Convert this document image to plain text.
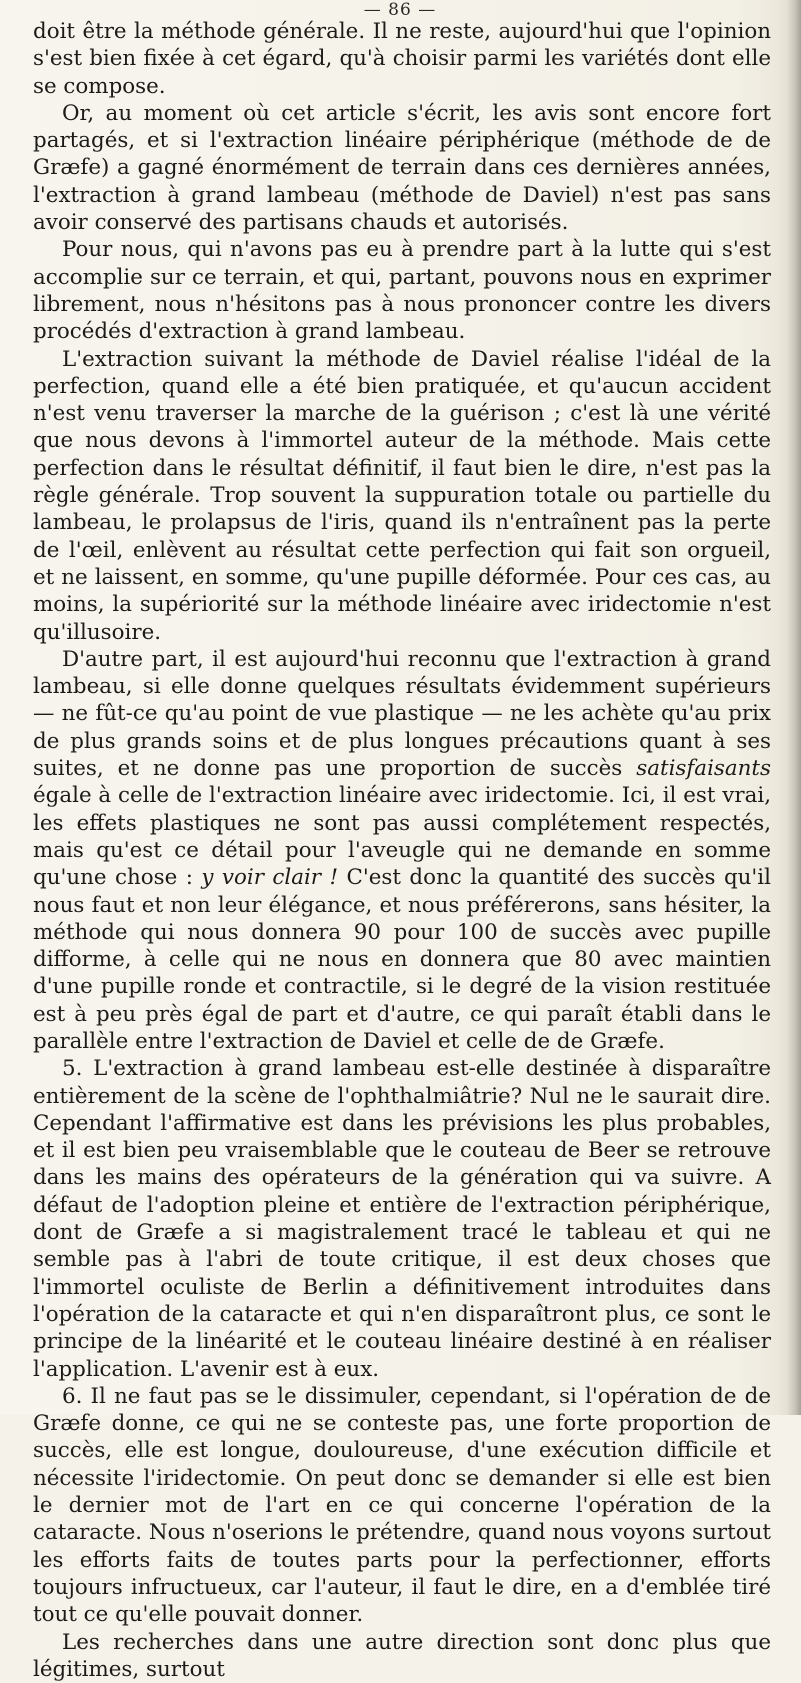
— 86 —

doit être la méthode générale. Il ne reste, aujourd'hui que l'opinion s'est bien fixée à cet égard, qu'à choisir parmi les variétés dont elle se compose.

Or, au moment où cet article s'écrit, les avis sont encore fort partagés, et si l'extraction linéaire périphérique (méthode de de Græfe) a gagné énormément de terrain dans ces dernières années, l'extraction à grand lambeau (méthode de Daviel) n'est pas sans avoir conservé des partisans chauds et autorisés.

Pour nous, qui n'avons pas eu à prendre part à la lutte qui s'est accomplie sur ce terrain, et qui, partant, pouvons nous en exprimer librement, nous n'hésitons pas à nous prononcer contre les divers procédés d'extraction à grand lambeau.

L'extraction suivant la méthode de Daviel réalise l'idéal de la perfection, quand elle a été bien pratiquée, et qu'aucun accident n'est venu traverser la marche de la guérison ; c'est là une vérité que nous devons à l'immortel auteur de la méthode. Mais cette perfection dans le résultat définitif, il faut bien le dire, n'est pas la règle générale. Trop souvent la suppuration totale ou partielle du lambeau, le prolapsus de l'iris, quand ils n'entraînent pas la perte de l'œil, enlèvent au résultat cette perfection qui fait son orgueil, et ne laissent, en somme, qu'une pupille déformée. Pour ces cas, au moins, la supériorité sur la méthode linéaire avec iridectomie n'est qu'illusoire.

D'autre part, il est aujourd'hui reconnu que l'extraction à grand lambeau, si elle donne quelques résultats évidemment supérieurs — ne fût-ce qu'au point de vue plastique — ne les achète qu'au prix de plus grands soins et de plus longues précautions quant à ses suites, et ne donne pas une proportion de succès satisfaisants égale à celle de l'extraction linéaire avec iridectomie. Ici, il est vrai, les effets plastiques ne sont pas aussi complétement respectés, mais qu'est ce détail pour l'aveugle qui ne demande en somme qu'une chose : y voir clair ! C'est donc la quantité des succès qu'il nous faut et non leur élégance, et nous préférerons, sans hésiter, la méthode qui nous donnera 90 pour 100 de succès avec pupille difforme, à celle qui ne nous en donnera que 80 avec maintien d'une pupille ronde et contractile, si le degré de la vision restituée est à peu près égal de part et d'autre, ce qui paraît établi dans le parallèle entre l'extraction de Daviel et celle de de Græfe.

5. L'extraction à grand lambeau est-elle destinée à disparaître entièrement de la scène de l'ophthalmiâtrie? Nul ne le saurait dire. Cependant l'affirmative est dans les prévisions les plus probables, et il est bien peu vraisemblable que le couteau de Beer se retrouve dans les mains des opérateurs de la génération qui va suivre. A défaut de l'adoption pleine et entière de l'extraction périphérique, dont de Græfe a si magistralement tracé le tableau et qui ne semble pas à l'abri de toute critique, il est deux choses que l'immortel oculiste de Berlin a définitivement introduites dans l'opération de la cataracte et qui n'en disparaîtront plus, ce sont le principe de la linéarité et le couteau linéaire destiné à en réaliser l'application. L'avenir est à eux.

6. Il ne faut pas se le dissimuler, cependant, si l'opération de de Græfe donne, ce qui ne se conteste pas, une forte proportion de succès, elle est longue, douloureuse, d'une exécution difficile et nécessite l'iridectomie. On peut donc se demander si elle est bien le dernier mot de l'art en ce qui concerne l'opération de la cataracte. Nous n'oserions le prétendre, quand nous voyons surtout les efforts faits de toutes parts pour la perfectionner, efforts toujours infructueux, car l'auteur, il faut le dire, en a d'emblée tiré tout ce qu'elle pouvait donner.

Les recherches dans une autre direction sont donc plus que légitimes, surtout
